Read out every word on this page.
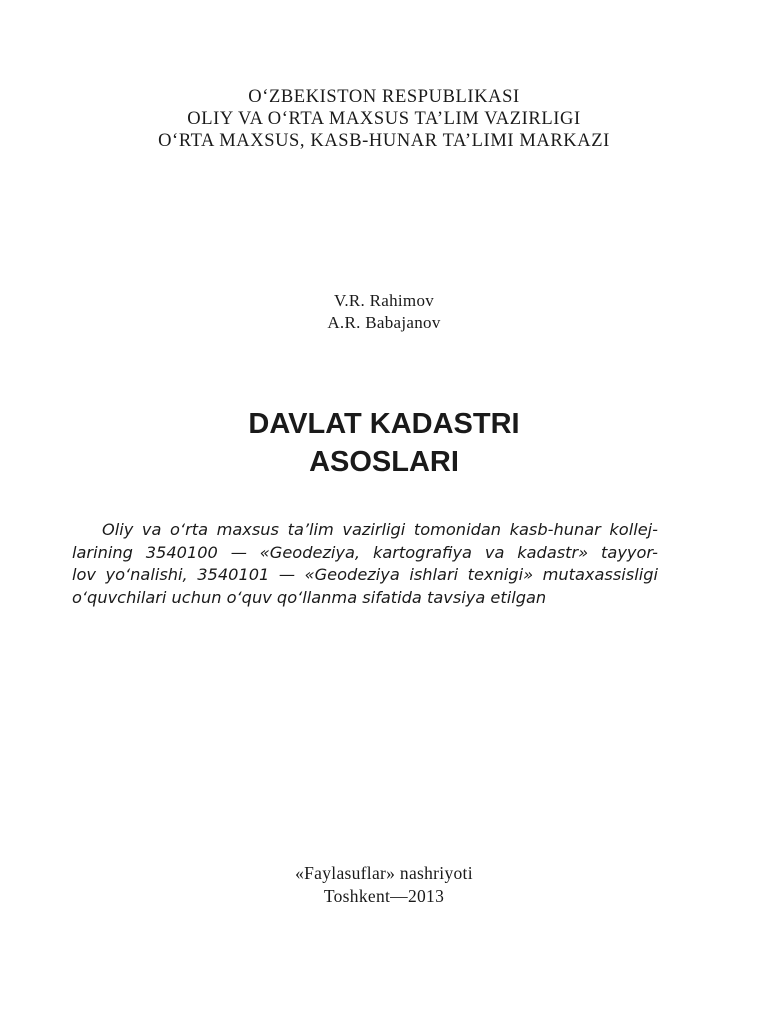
O‘ZBEKISTON RESPUBLIKASI
OLIY VA O‘RTA MAXSUS TA’LIM VAZIRLIGI
O‘RTA MAXSUS, KASB-HUNAR TA’LIMI MARKAZI
V.R. Rahimov
A.R. Babajanov
DAVLAT KADASTRI
ASOSLARI
Oliy va o‘rta maxsus ta’lim vazirligi tomonidan kasb-hunar kollej-
larining 3540100 — «Geodeziya, kartografiya va kadastr» tayyor-
lov yo‘nalishi, 3540101 — «Geodeziya ishlari texnigi» mutaxassisligi
o‘quvchilari uchun o‘quv qo‘llanma sifatida tavsiya etilgan
«Faylasuflar» nashriyoti
Toshkent—2013
